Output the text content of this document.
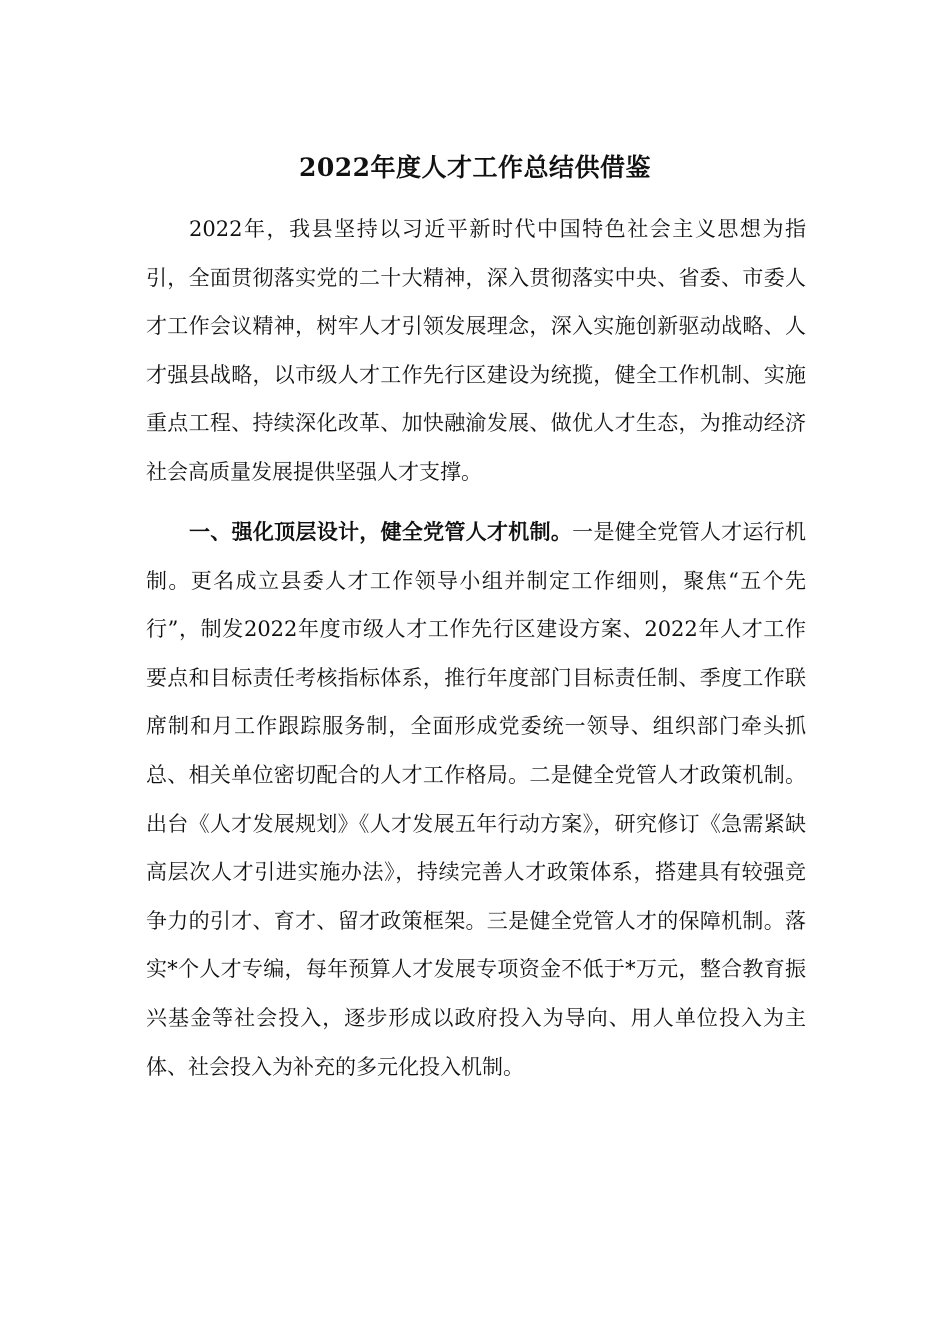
2022年度人才工作总结供借鉴

2022年，我县坚持以习近平新时代中国特色社会主义思想为指引，全面贯彻落实党的二十大精神，深入贯彻落实中央、省委、市委人才工作会议精神，树牢人才引领发展理念，深入实施创新驱动战略、人才强县战略，以市级人才工作先行区建设为统揽，健全工作机制、实施重点工程、持续深化改革、加快融渝发展、做优人才生态，为推动经济社会高质量发展提供坚强人才支撑。

一、强化顶层设计，健全党管人才机制。一是健全党管人才运行机制。更名成立县委人才工作领导小组并制定工作细则，聚焦“五个先行”，制发2022年度市级人才工作先行区建设方案、2022年人才工作要点和目标责任考核指标体系，推行年度部门目标责任制、季度工作联席制和月工作跟踪服务制，全面形成党委统一领导、组织部门牵头抓总、相关单位密切配合的人才工作格局。二是健全党管人才政策机制。出台《人才发展规划》《人才发展五年行动方案》，研究修订《急需紧缺高层次人才引进实施办法》，持续完善人才政策体系，搭建具有较强竞争力的引才、育才、留才政策框架。三是健全党管人才的保障机制。落实*个人才专编，每年预算人才发展专项资金不低于*万元，整合教育振兴基金等社会投入，逐步形成以政府投入为导向、用人单位投入为主体、社会投入为补充的多元化投入机制。
